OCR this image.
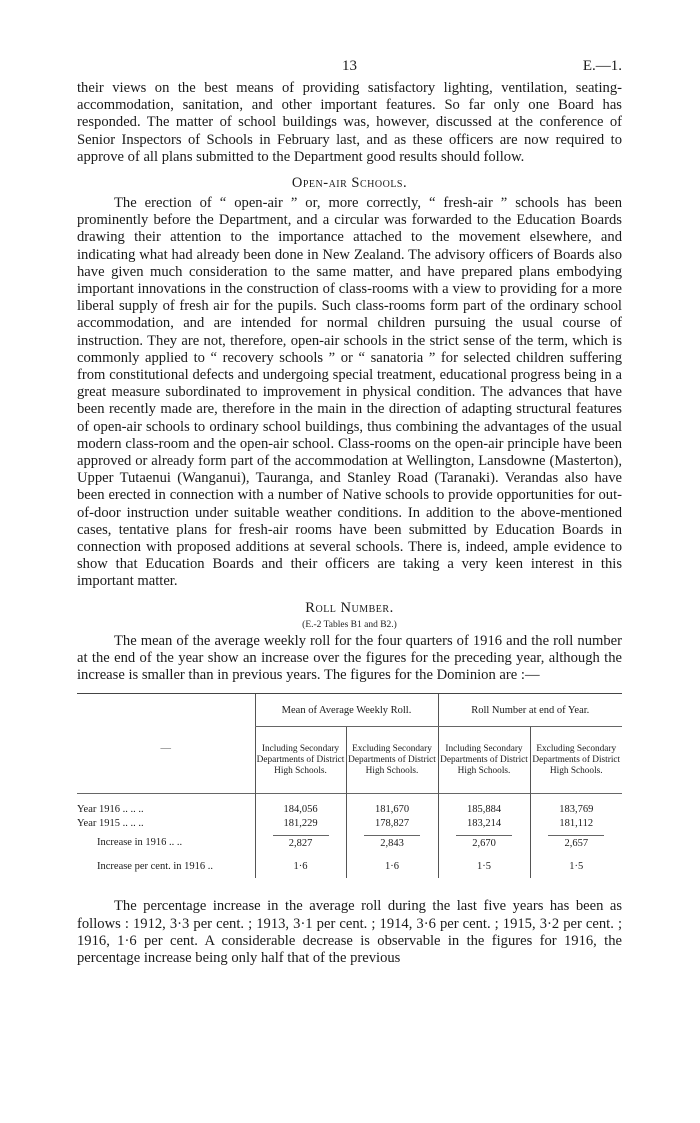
13	E.—1.

their views on the best means of providing satisfactory lighting, ventilation, seating-accommodation, sanitation, and other important features. So far only one Board has responded. The matter of school buildings was, however, discussed at the conference of Senior Inspectors of Schools in February last, and as these officers are now required to approve of all plans submitted to the Department good results should follow.

Open-air Schools.

The erection of “ open-air ” or, more correctly, “ fresh-air ” schools has been prominently before the Department, and a circular was forwarded to the Education Boards drawing their attention to the importance attached to the movement elsewhere, and indicating what had already been done in New Zealand. The advisory officers of Boards also have given much consideration to the same matter, and have prepared plans embodying important innovations in the construction of class-rooms with a view to providing for a more liberal supply of fresh air for the pupils. Such class-rooms form part of the ordinary school accommodation, and are intended for normal children pursuing the usual course of instruction. They are not, therefore, open-air schools in the strict sense of the term, which is commonly applied to “ recovery schools ” or “ sanatoria ” for selected children suffering from constitutional defects and undergoing special treatment, educational progress being in a great measure subordinated to improvement in physical condition. The advances that have been recently made are, therefore in the main in the direction of adapting structural features of open-air schools to ordinary school buildings, thus combining the advantages of the usual modern class-room and the open-air school. Class-rooms on the open-air principle have been approved or already form part of the accommodation at Wellington, Lansdowne (Masterton), Upper Tutaenui (Wanganui), Tauranga, and Stanley Road (Taranaki). Verandas also have been erected in connection with a number of Native schools to provide opportunities for out-of-door instruction under suitable weather conditions. In addition to the above-mentioned cases, tentative plans for fresh-air rooms have been submitted by Education Boards in connection with proposed additions at several schools. There is, indeed, ample evidence to show that Education Boards and their officers are taking a very keen interest in this important matter.

Roll Number.
(E.-2 Tables B1 and B2.)

The mean of the average weekly roll for the four quarters of 1916 and the roll number at the end of the year show an increase over the figures for the preceding year, although the increase is smaller than in previous years. The figures for the Dominion are :—

—	Mean of Average Weekly Roll.		Roll Number at end of Year.	
	Including Secondary Departments of District High Schools.	Excluding Secondary Departments of District High Schools.	Including Secondary Departments of District High Schools.	Excluding Secondary Departments of District High Schools.

Year 1916 .. .. ..	184,056	181,670	185,884	183,769
Year 1915 .. .. ..	181,229	178,827	183,214	181,112
Increase in 1916 .. ..	2,827	2,843	2,670	2,657
Increase per cent. in 1916 ..	1·6	1·6	1·5	1·5

The percentage increase in the average roll during the last five years has been as follows : 1912, 3·3 per cent. ; 1913, 3·1 per cent. ; 1914, 3·6 per cent. ; 1915, 3·2 per cent. ; 1916, 1·6 per cent. A considerable decrease is observable in the figures for 1916, the percentage increase being only half that of the previous
